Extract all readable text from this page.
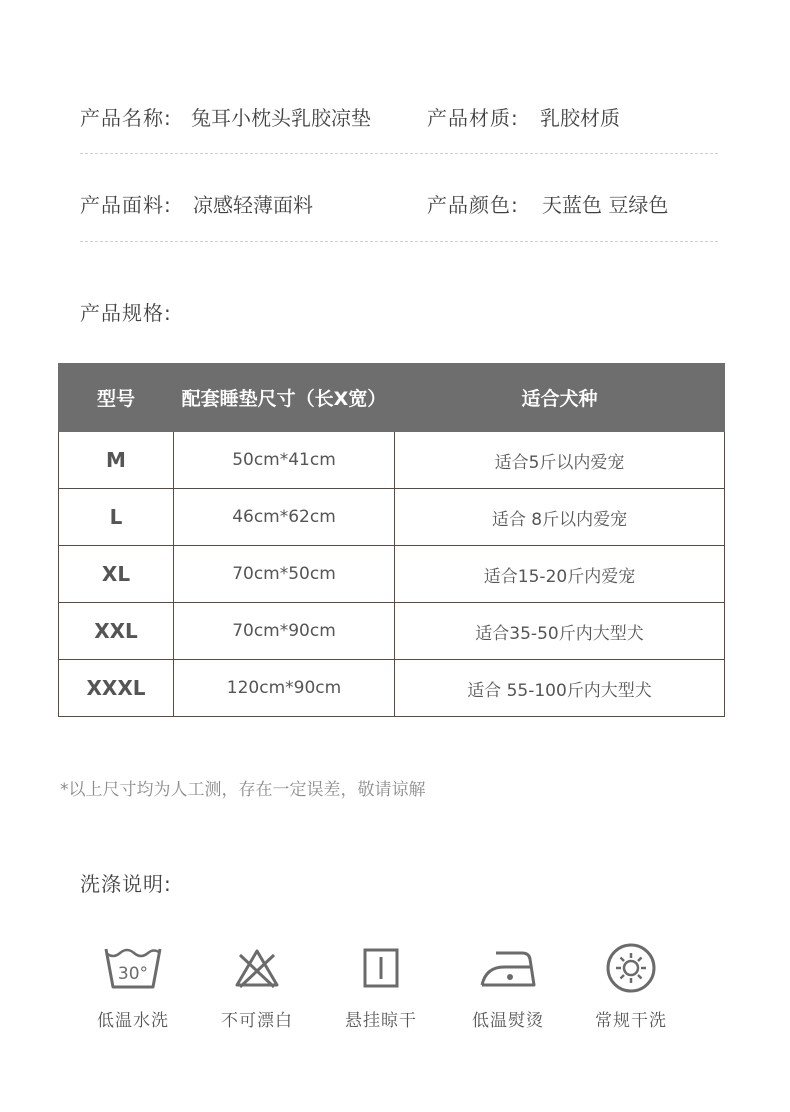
产品名称: 兔耳小枕头乳胶凉垫	产品材质: 乳胶材质
产品面料: 凉感轻薄面料	产品颜色: 天蓝色 豆绿色
产品规格:
型号	配套睡垫尺寸（长X宽）	适合犬种
M	50cm*41cm	适合5斤以内爱宠
L	46cm*62cm	适合 8斤以内爱宠
XL	70cm*50cm	适合15-20斤内爱宠
XXL	70cm*90cm	适合35-50斤内大型犬
XXXL	120cm*90cm	适合 55-100斤内大型犬
*以上尺寸均为人工测，存在一定误差，敬请谅解
洗涤说明:
30°
低温水洗	不可漂白	悬挂晾干	低温熨烫	常规干洗
